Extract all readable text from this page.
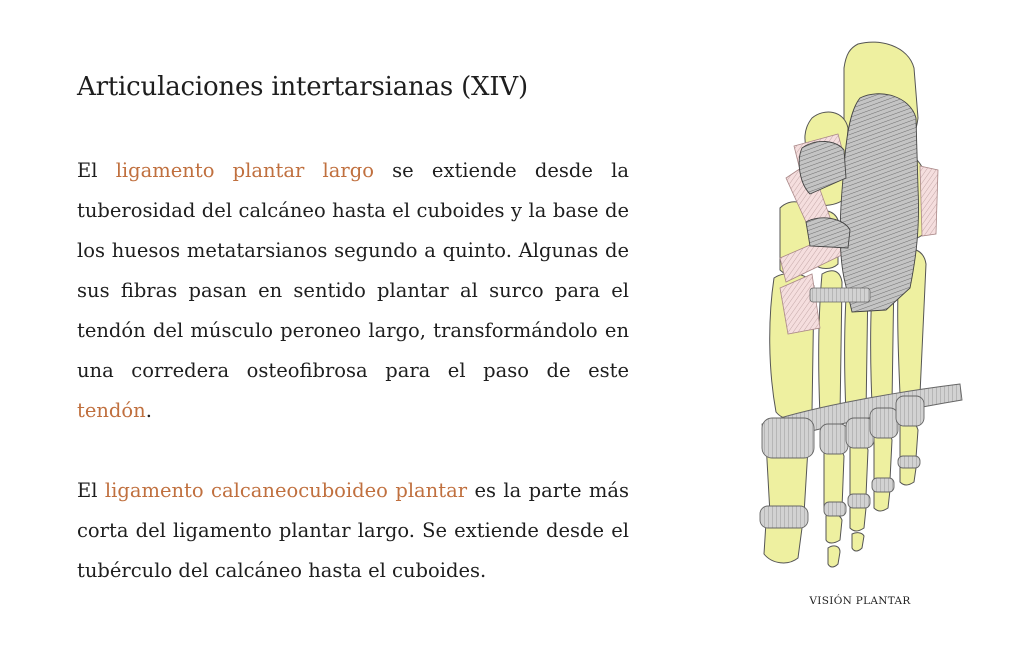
Articulaciones intertarsianas (XIV)

El ligamento plantar largo se extiende desde la tuberosidad del calcáneo hasta el cuboides y la base de los huesos metatarsianos segundo a quinto. Algunas de sus fibras pasan en sentido plantar al surco para el tendón del músculo peroneo largo, transformándolo en una corredera osteofibrosa para el paso de este tendón.

El ligamento calcaneocuboideo plantar es la parte más corta del ligamento plantar largo. Se extiende desde el tubérculo del calcáneo hasta el cuboides.

VISIÓN PLANTAR
